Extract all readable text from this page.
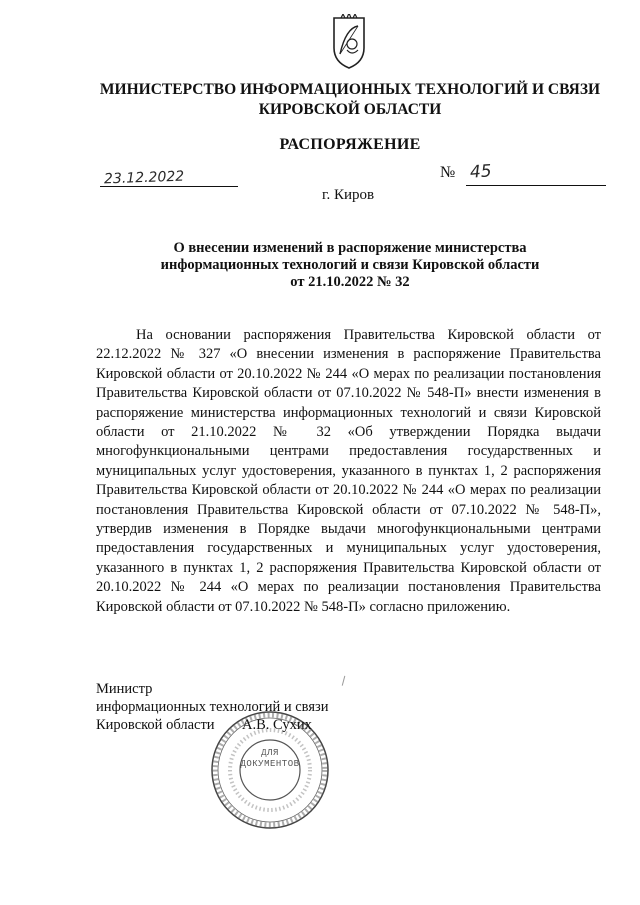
МИНИСТЕРСТВО ИНФОРМАЦИОННЫХ ТЕХНОЛОГИЙ И СВЯЗИ
КИРОВСКОЙ ОБЛАСТИ
РАСПОРЯЖЕНИЕ
23.12.2022	№ 45
г. Киров
О внесении изменений в распоряжение министерства
информационных технологий и связи Кировской области
от 21.10.2022 № 32
На основании распоряжения Правительства Кировской области от 22.12.2022 № 327 «О внесении изменения в распоряжение Правительства Кировской области от 20.10.2022 № 244 «О мерах по реализации постановления Правительства Кировской области от 07.10.2022 № 548-П» внести изменения в распоряжение министерства информационных технологий и связи Кировской области от 21.10.2022 № 32 «Об утверждении Порядка выдачи многофункциональными центрами предоставления государственных и муниципальных услуг удостоверения, указанного в пунктах 1, 2 распоряжения Правительства Кировской области от 20.10.2022 № 244 «О мерах по реализации постановления Правительства Кировской области от 07.10.2022 № 548-П», утвердив изменения в Порядке выдачи многофункциональными центрами предоставления государственных и муниципальных услуг удостоверения, указанного в пунктах 1, 2 распоряжения Правительства Кировской области от 20.10.2022 № 244 «О мерах по реализации постановления Правительства Кировской области от 07.10.2022 № 548-П» согласно приложению.
ДЛЯ
ДОКУМЕНТОВ
Министр
информационных технологий и связи
Кировской области А.В. Сухих
